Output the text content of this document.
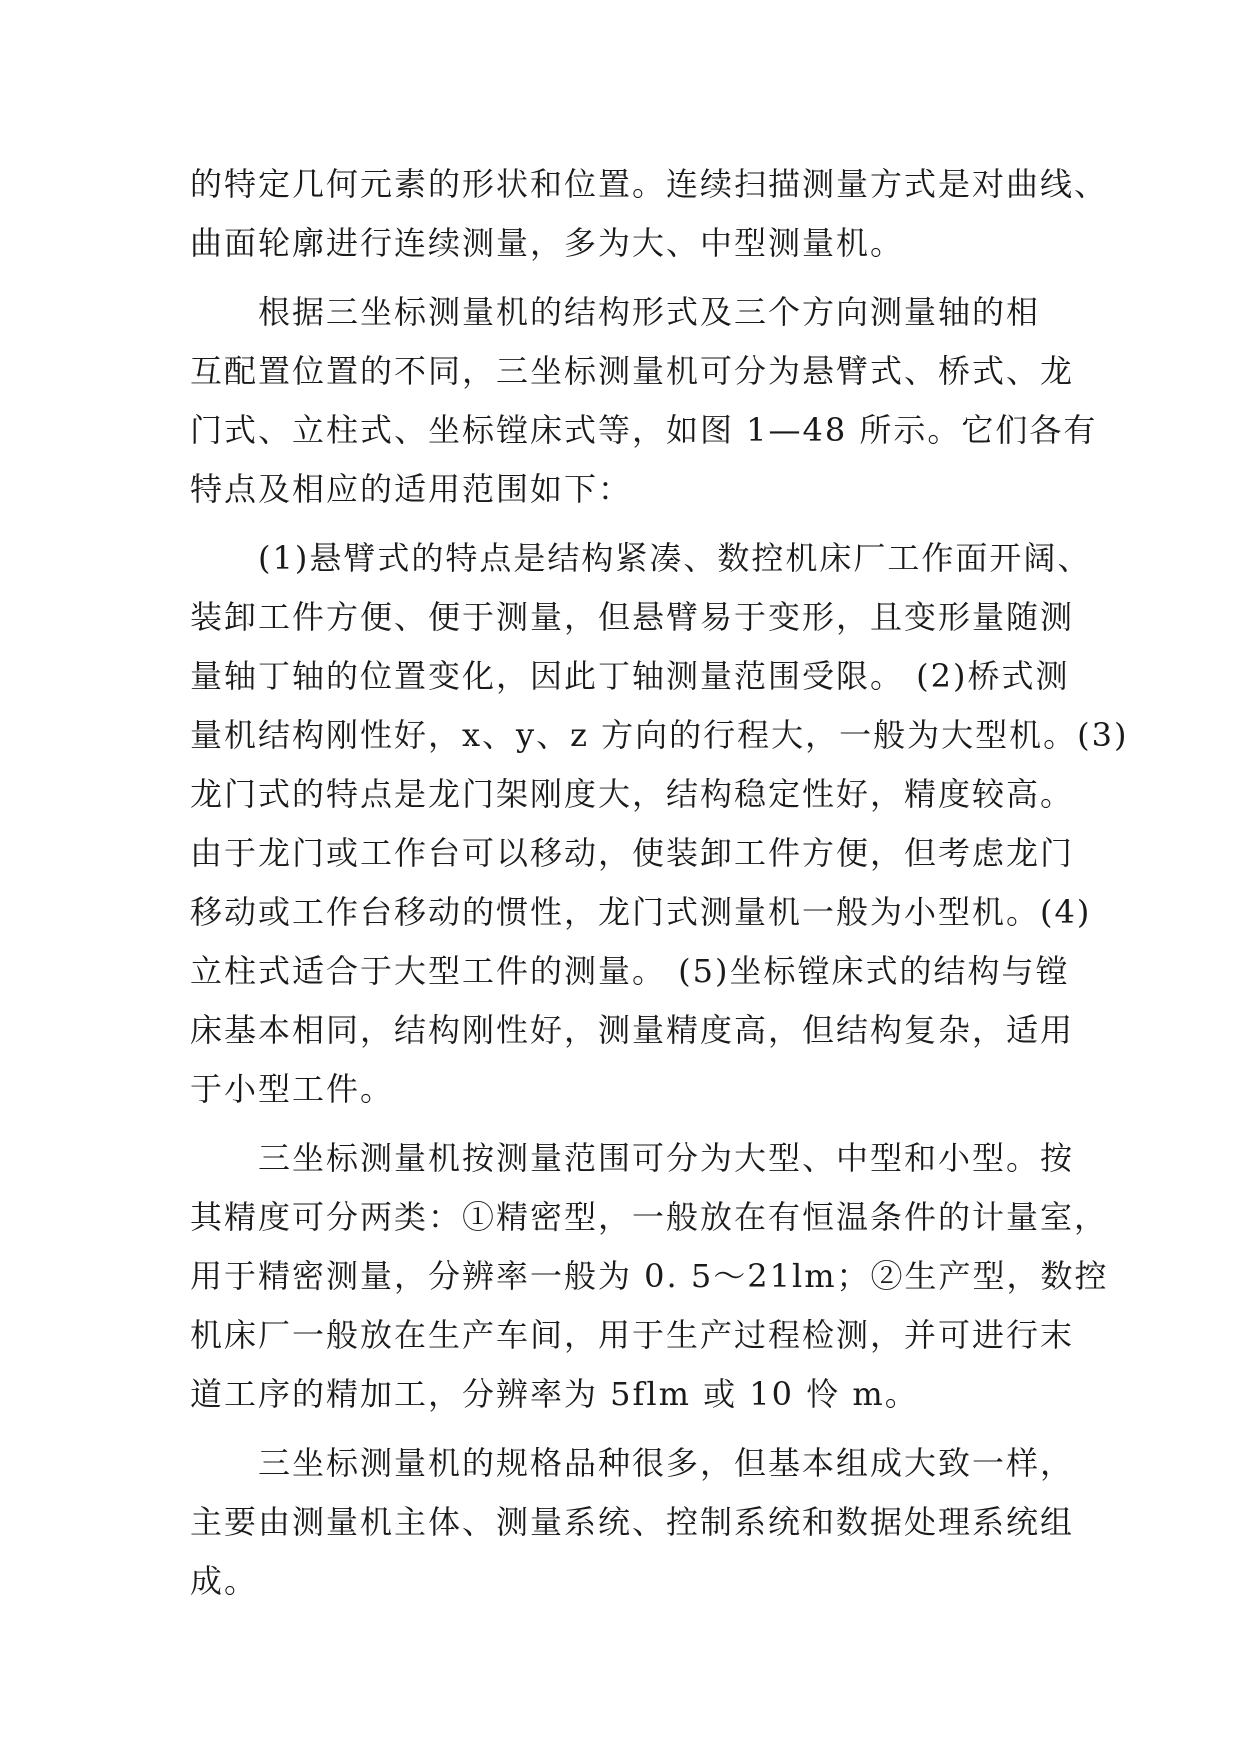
的特定几何元素的形状和位置。连续扫描测量方式是对曲线、
曲面轮廓进行连续测量，多为大、中型测量机。
　　根据三坐标测量机的结构形式及三个方向测量轴的相
互配置位置的不同，三坐标测量机可分为悬臂式、桥式、龙
门式、立柱式、坐标镗床式等，如图 1—48 所示。它们各有
特点及相应的适用范围如下：
　　(1)悬臂式的特点是结构紧凑、数控机床厂工作面开阔、
装卸工件方便、便于测量，但悬臂易于变形，且变形量随测
量轴丁轴的位置变化，因此丁轴测量范围受限。 (2)桥式测
量机结构刚性好，x、y、z 方向的行程大，一般为大型机。(3)
龙门式的特点是龙门架刚度大，结构稳定性好，精度较高。
由于龙门或工作台可以移动，使装卸工件方便，但考虑龙门
移动或工作台移动的惯性，龙门式测量机一般为小型机。(4)
立柱式适合于大型工件的测量。 (5)坐标镗床式的结构与镗
床基本相同，结构刚性好，测量精度高，但结构复杂，适用
于小型工件。
　　三坐标测量机按测量范围可分为大型、中型和小型。按
其精度可分两类：①精密型，一般放在有恒温条件的计量室，
用于精密测量，分辨率一般为 0. 5～21lm；②生产型，数控
机床厂一般放在生产车间，用于生产过程检测，并可进行末
道工序的精加工，分辨率为 5flm 或 10 怜 m。
　　三坐标测量机的规格品种很多，但基本组成大致一样，
主要由测量机主体、测量系统、控制系统和数据处理系统组
成。
